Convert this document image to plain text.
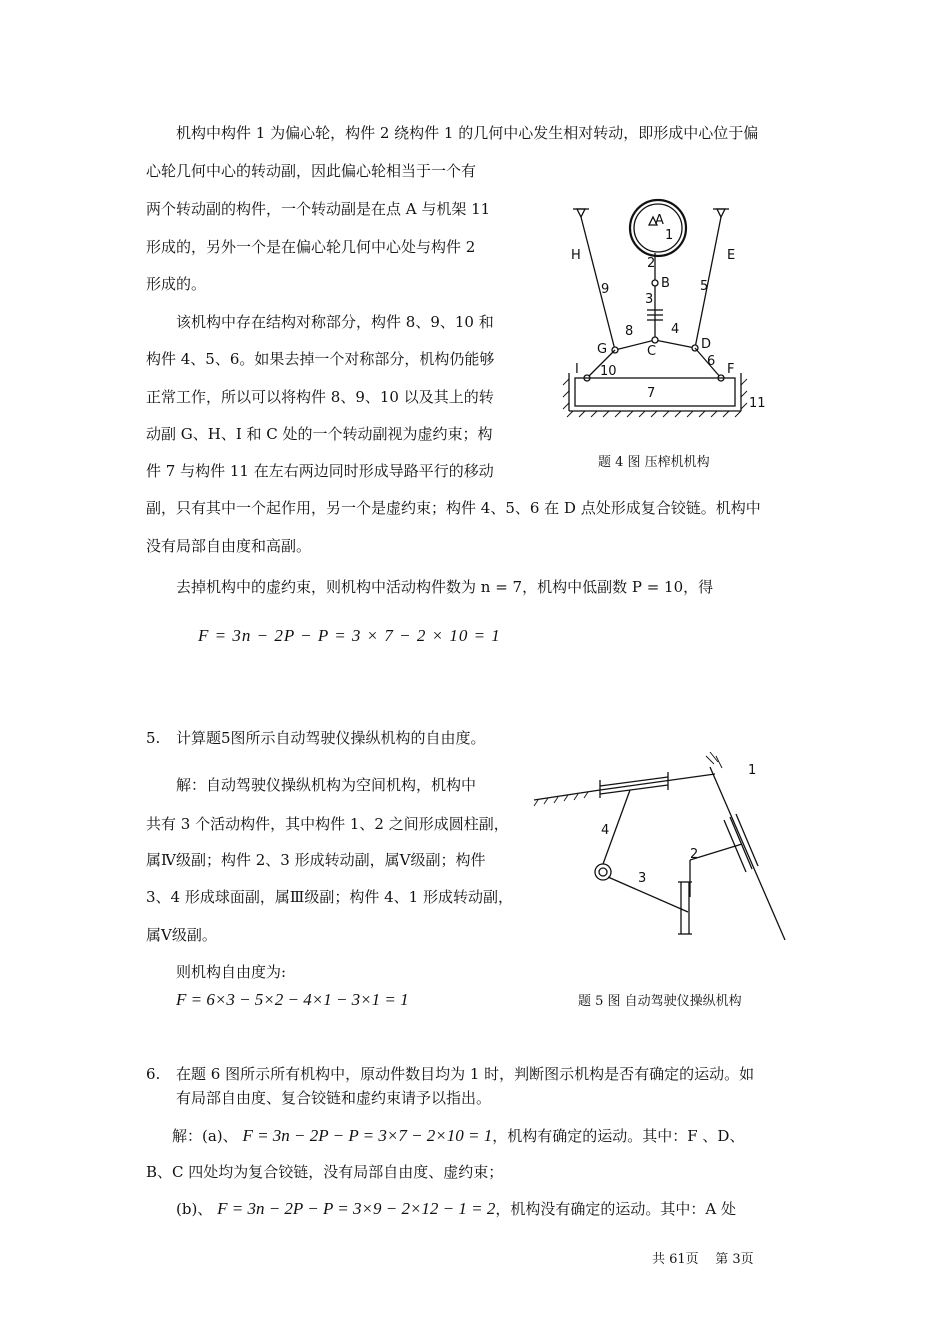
机构中构件 1 为偏心轮，构件 2 绕构件 1 的几何中心发生相对转动，即形成中心位于偏
心轮几何中心的转动副，因此偏心轮相当于一个有
两个转动副的构件，一个转动副是在点 A 与机架 11
形成的，另外一个是在偏心轮几何中心处与构件 2
形成的。
该机构中存在结构对称部分，构件 8、9、10 和
构件 4、5、6。如果去掉一个对称部分，机构仍能够
正常工作，所以可以将构件 8、9、10 以及其上的转
动副 G、H、I 和 C 处的一个转动副视为虚约束；构
件 7 与构件 11 在左右两边同时形成导路平行的移动
副，只有其中一个起作用，另一个是虚约束；构件 4、5、6 在 D 点处形成复合铰链。机构中
没有局部自由度和高副。
去掉机构中的虚约束，则机构中活动构件数为 n = 7，机构中低副数 P = 10，得
F = 3n − 2P − P = 3 × 7 − 2 × 10 = 1
A
1
H	E
2
B
9	5
3
8	4
G	C	D
6
I 10	F
7
11
题 4 图 压榨机机构
5. 计算题5图所示自动驾驶仪操纵机构的自由度。
解：自动驾驶仪操纵机构为空间机构，机构中
共有 3 个活动构件，其中构件 1、2 之间形成圆柱副，
属Ⅳ级副；构件 2、3 形成转动副，属Ⅴ级副；构件
3、4 形成球面副，属Ⅲ级副；构件 4、1 形成转动副，
属Ⅴ级副。
则机构自由度为:
F = 6×3 − 5×2 − 4×1 − 3×1 = 1
1
4
2
3
题 5 图 自动驾驶仪操纵机构
6. 在题 6 图所示所有机构中，原动件数目均为 1 时，判断图示机构是否有确定的运动。如
有局部自由度、复合铰链和虚约束请予以指出。
解：(a)、 F = 3n − 2P − P = 3×7 − 2×10 = 1，机构有确定的运动。其中：F 、D、
B、C 四处均为复合铰链，没有局部自由度、虚约束；
(b)、 F = 3n − 2P − P = 3×9 − 2×12 − 1 = 2，机构没有确定的运动。其中：A 处
共 61页 第 3页
